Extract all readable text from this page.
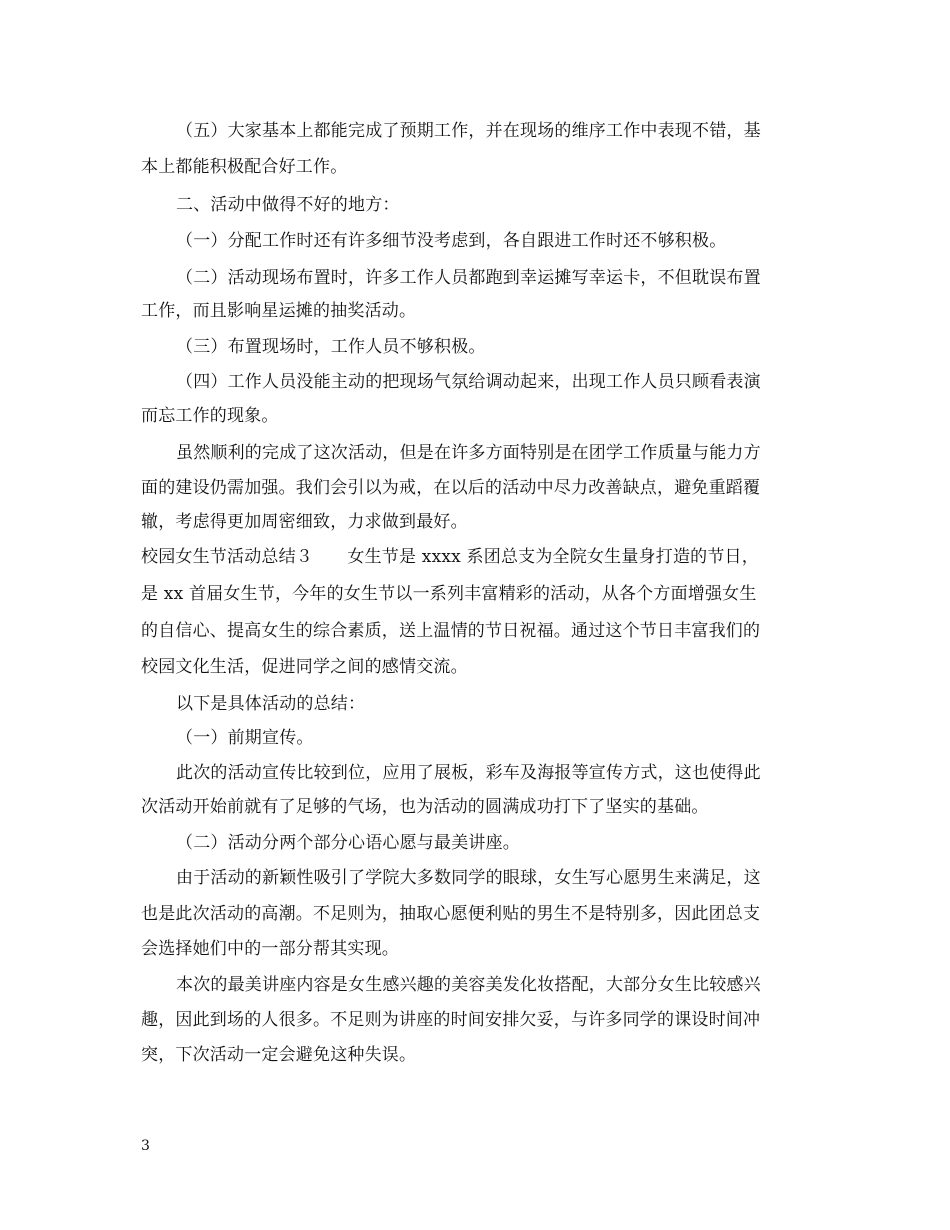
（五）大家基本上都能完成了预期工作，并在现场的维序工作中表现不错，基
本上都能积极配合好工作。
二、活动中做得不好的地方：
（一）分配工作时还有许多细节没考虑到，各自跟进工作时还不够积极。
（二）活动现场布置时，许多工作人员都跑到幸运摊写幸运卡，不但耽误布置
工作，而且影响星运摊的抽奖活动。
（三）布置现场时，工作人员不够积极。
（四）工作人员没能主动的把现场气氛给调动起来，出现工作人员只顾看表演
而忘工作的现象。
虽然顺利的完成了这次活动，但是在许多方面特别是在团学工作质量与能力方
面的建设仍需加强。我们会引以为戒，在以后的活动中尽力改善缺点，避免重蹈覆
辙，考虑得更加周密细致，力求做到最好。
校园女生节活动总结３　　女生节是 xxxx 系团总支为全院女生量身打造的节日，
是 xx 首届女生节，今年的女生节以一系列丰富精彩的活动，从各个方面增强女生
的自信心、提高女生的综合素质，送上温情的节日祝福。通过这个节日丰富我们的
校园文化生活，促进同学之间的感情交流。
以下是具体活动的总结：
（一）前期宣传。
此次的活动宣传比较到位，应用了展板，彩车及海报等宣传方式，这也使得此
次活动开始前就有了足够的气场，也为活动的圆满成功打下了坚实的基础。
（二）活动分两个部分心语心愿与最美讲座。
由于活动的新颖性吸引了学院大多数同学的眼球，女生写心愿男生来满足，这
也是此次活动的高潮。不足则为，抽取心愿便利贴的男生不是特别多，因此团总支
会选择她们中的一部分帮其实现。
本次的最美讲座内容是女生感兴趣的美容美发化妆搭配，大部分女生比较感兴
趣，因此到场的人很多。不足则为讲座的时间安排欠妥，与许多同学的课设时间冲
突，下次活动一定会避免这种失误。
3
